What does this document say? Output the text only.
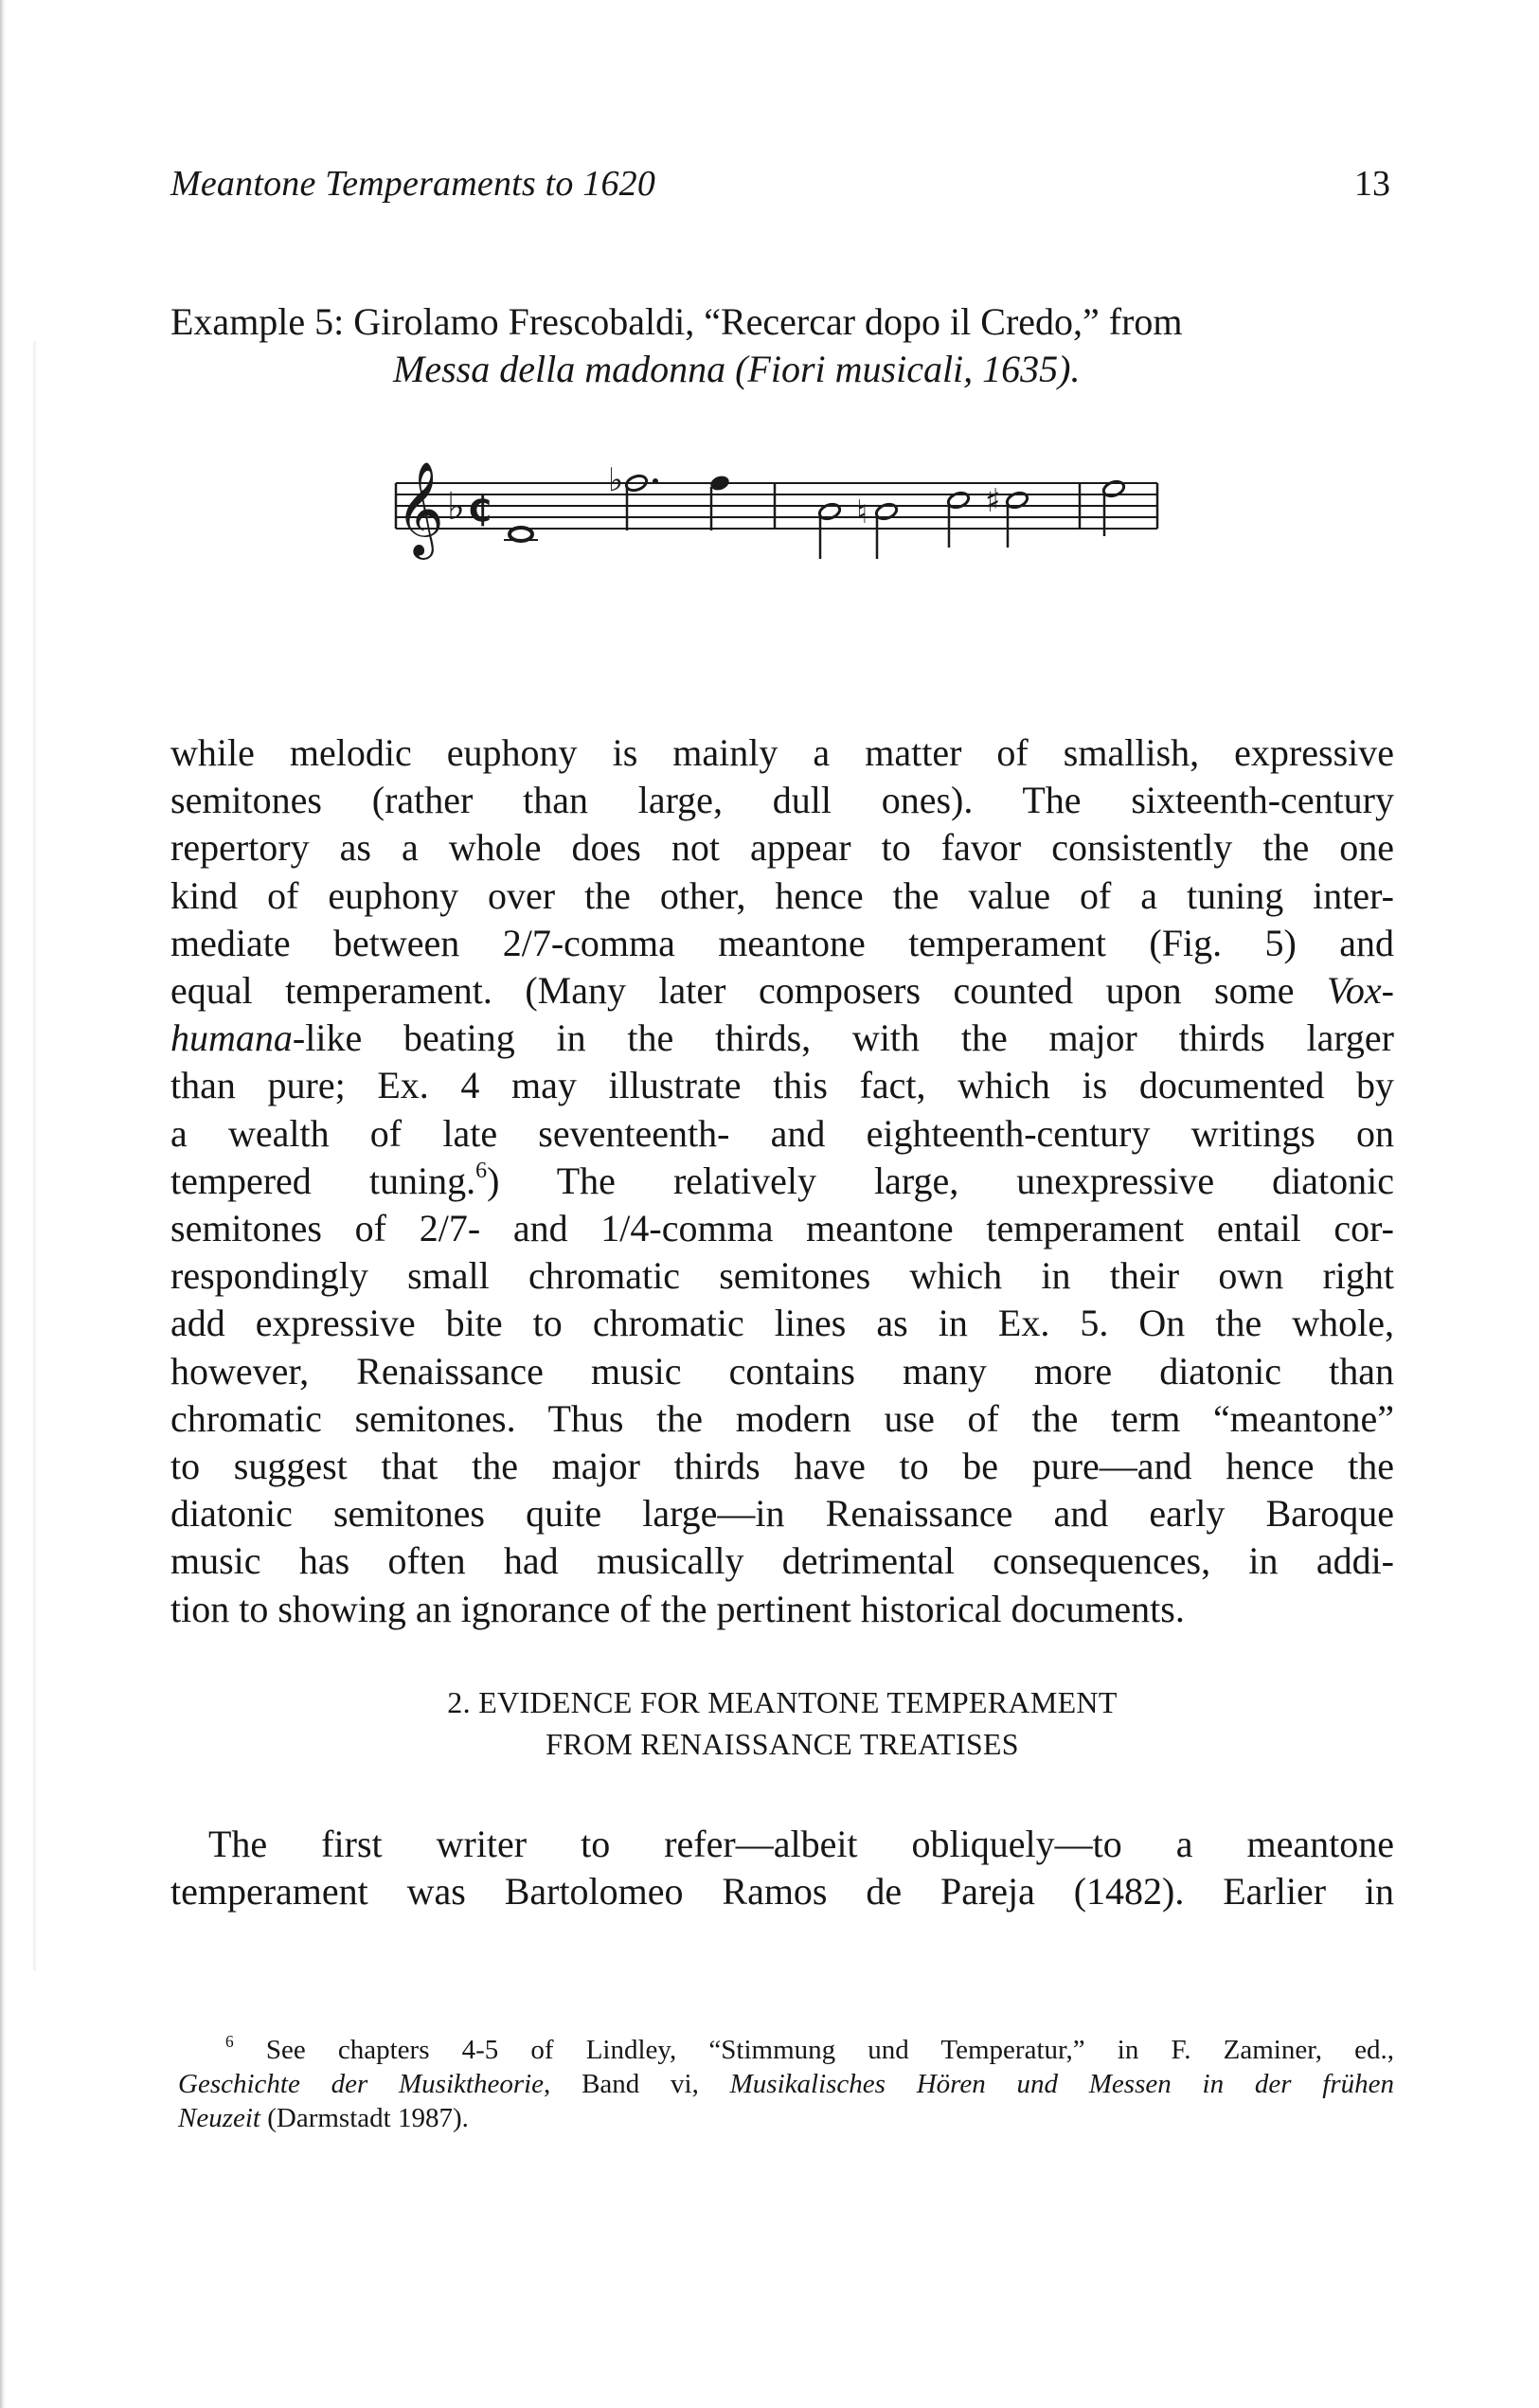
Meantone Temperaments to 1620	13
Example 5: Girolamo Frescobaldi, “Recercar dopo il Credo,” from
Messa della madonna (Fiori musicali, 1635).
𝄞 ♭ ₵
♭
♮	♯
while melodic euphony is mainly a matter of smallish, expressive
semitones (rather than large, dull ones). The sixteenth-century
repertory as a whole does not appear to favor consistently the one
kind of euphony over the other, hence the value of a tuning inter-
mediate between 2/7-comma meantone temperament (Fig. 5) and
equal temperament. (Many later composers counted upon some Vox-
humana-like beating in the thirds, with the major thirds larger
than pure; Ex. 4 may illustrate this fact, which is documented by
a wealth of late seventeenth- and eighteenth-century writings on
tempered tuning.$^6$) The relatively large, unexpressive diatonic
semitones of 2/7- and 1/4-comma meantone temperament entail cor-
respondingly small chromatic semitones which in their own right
add expressive bite to chromatic lines as in Ex. 5. On the whole,
however, Renaissance music contains many more diatonic than
chromatic semitones. Thus the modern use of the term “meantone”
to suggest that the major thirds have to be pure—and hence the
diatonic semitones quite large—in Renaissance and early Baroque
music has often had musically detrimental consequences, in addi-
tion to showing an ignorance of the pertinent historical documents.
2. EVIDENCE FOR MEANTONE TEMPERAMENT
FROM RENAISSANCE TREATISES
The first writer to refer—albeit obliquely—to a meantone
temperament was Bartolomeo Ramos de Pareja (1482). Earlier in
$^6$ See chapters 4-5 of Lindley, “Stimmung und Temperatur,” in F. Zaminer, ed.,
Geschichte der Musiktheorie, Band vi, Musikalisches Hören und Messen in der frühen
Neuzeit (Darmstadt 1987).
